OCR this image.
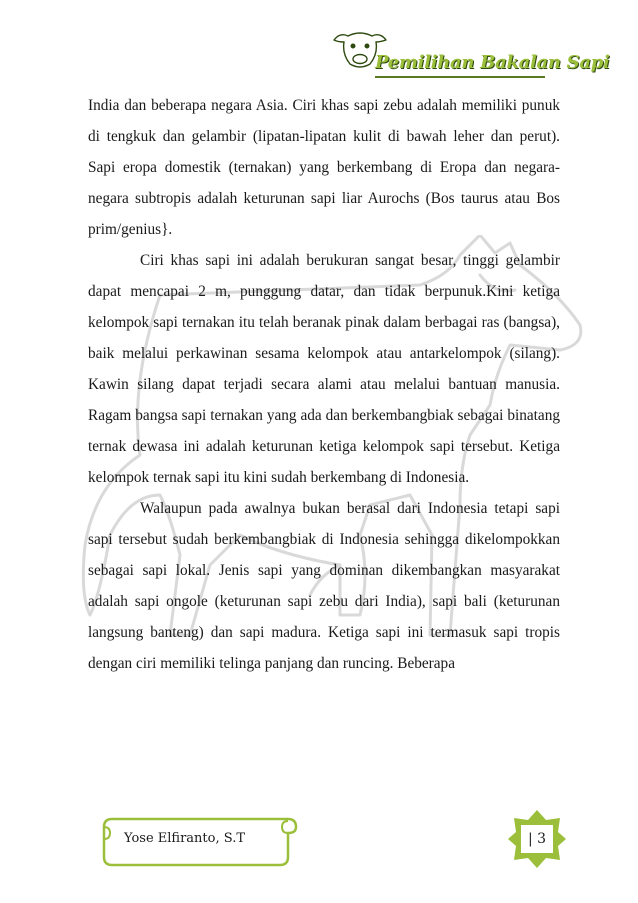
Pemilihan Bakalan Sapi

India dan beberapa negara Asia. Ciri khas sapi zebu adalah memiliki punuk di tengkuk dan gelambir (lipatan-lipatan kulit di bawah leher dan perut). Sapi eropa domestik (ternakan) yang berkembang di Eropa dan negara-negara subtropis adalah keturunan sapi liar Aurochs (Bos taurus atau Bos prim/genius}.

Ciri khas sapi ini adalah berukuran sangat besar, tinggi gelambir dapat mencapai 2 m, punggung datar, dan tidak berpunuk.Kini ketiga kelompok sapi ternakan itu telah beranak pinak dalam berbagai ras (bangsa), baik melalui perkawinan sesama kelompok atau antarkelompok (silang). Kawin silang dapat terjadi secara alami atau melalui bantuan manusia. Ragam bangsa sapi ternakan yang ada dan berkembangbiak sebagai binatang ternak dewasa ini adalah keturunan ketiga kelompok sapi tersebut. Ketiga kelompok ternak sapi itu kini sudah berkembang di Indonesia.

Walaupun pada awalnya bukan berasal dari Indonesia tetapi sapi sapi tersebut sudah berkembangbiak di Indonesia sehingga dikelompokkan sebagai sapi lokal. Jenis sapi yang dominan dikembangkan masyarakat adalah sapi ongole (keturunan sapi zebu dari India), sapi bali (keturunan langsung banteng) dan sapi madura. Ketiga sapi ini termasuk sapi tropis dengan ciri memiliki telinga panjang dan runcing. Beberapa

Yose Elfiranto, S.T	| 3
